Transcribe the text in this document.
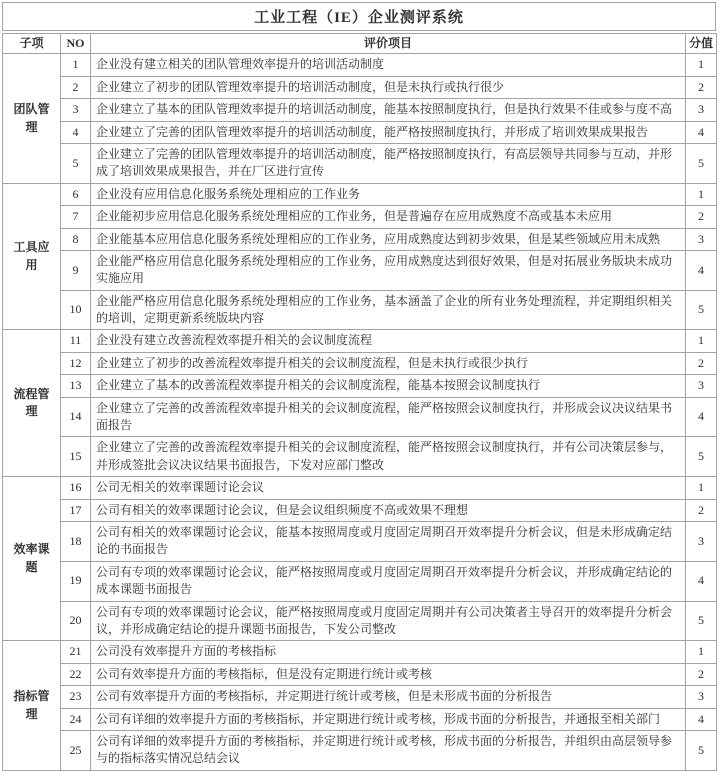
工业工程（IE）企业测评系统
子项	NO	评价项目	分值
团队管理	1	企业没有建立相关的团队管理效率提升的培训活动制度	1
	2	企业建立了初步的团队管理效率提升的培训活动制度，但是未执行或执行很少	2
	3	企业建立了基本的团队管理效率提升的培训活动制度，能基本按照制度执行，但是执行效果不佳或参与度不高	3
	4	企业建立了完善的团队管理效率提升的培训活动制度，能严格按照制度执行，并形成了培训效果成果报告	4
	5	企业建立了完善的团队管理效率提升的培训活动制度，能严格按照制度执行，有高层领导共同参与互动，并形成了培训效果成果报告，并在厂区进行宣传	5
工具应用	6	企业没有应用信息化服务系统处理相应的工作业务	1
	7	企业能初步应用信息化服务系统处理相应的工作业务，但是普遍存在应用成熟度不高或基本未应用	2
	8	企业能基本应用信息化服务系统处理相应的工作业务，应用成熟度达到初步效果，但是某些领域应用未成熟	3
	9	企业能严格应用信息化服务系统处理相应的工作业务，应用成熟度达到很好效果，但是对拓展业务版块未成功实施应用	4
	10	企业能严格应用信息化服务系统处理相应的工作业务，基本涵盖了企业的所有业务处理流程，并定期组织相关的培训，定期更新系统版块内容	5
流程管理	11	企业没有建立改善流程效率提升相关的会议制度流程	1
	12	企业建立了初步的改善流程效率提升相关的会议制度流程，但是未执行或很少执行	2
	13	企业建立了基本的改善流程效率提升相关的会议制度流程，能基本按照会议制度执行	3
	14	企业建立了完善的改善流程效率提升相关的会议制度流程，能严格按照会议制度执行，并形成会议决议结果书面报告	4
	15	企业建立了完善的改善流程效率提升相关的会议制度流程，能严格按照会议制度执行，并有公司决策层参与，并形成签批会议决议结果书面报告，下发对应部门整改	5
效率课题	16	公司无相关的效率课题讨论会议	1
	17	公司有相关的效率课题讨论会议，但是会议组织频度不高或效果不理想	2
	18	公司有相关的效率课题讨论会议，能基本按照周度或月度固定周期召开效率提升分析会议，但是未形成确定结论的书面报告	3
	19	公司有专项的效率课题讨论会议，能严格按照周度或月度固定周期召开效率提升分析会议，并形成确定结论的成本课题书面报告	4
	20	公司有专项的效率课题讨论会议，能严格按照周度或月度固定周期并有公司决策者主导召开的效率提升分析会议，并形成确定结论的提升课题书面报告，下发公司整改	5
指标管理	21	公司没有效率提升方面的考核指标	1
	22	公司有效率提升方面的考核指标，但是没有定期进行统计或考核	2
	23	公司有效率提升方面的考核指标，并定期进行统计或考核，但是未形成书面的分析报告	3
	24	公司有详细的效率提升方面的考核指标，并定期进行统计或考核，形成书面的分析报告，并通报至相关部门	4
	25	公司有详细的效率提升方面的考核指标，并定期进行统计或考核，形成书面的分析报告，并组织由高层领导参与的指标落实情况总结会议	5
